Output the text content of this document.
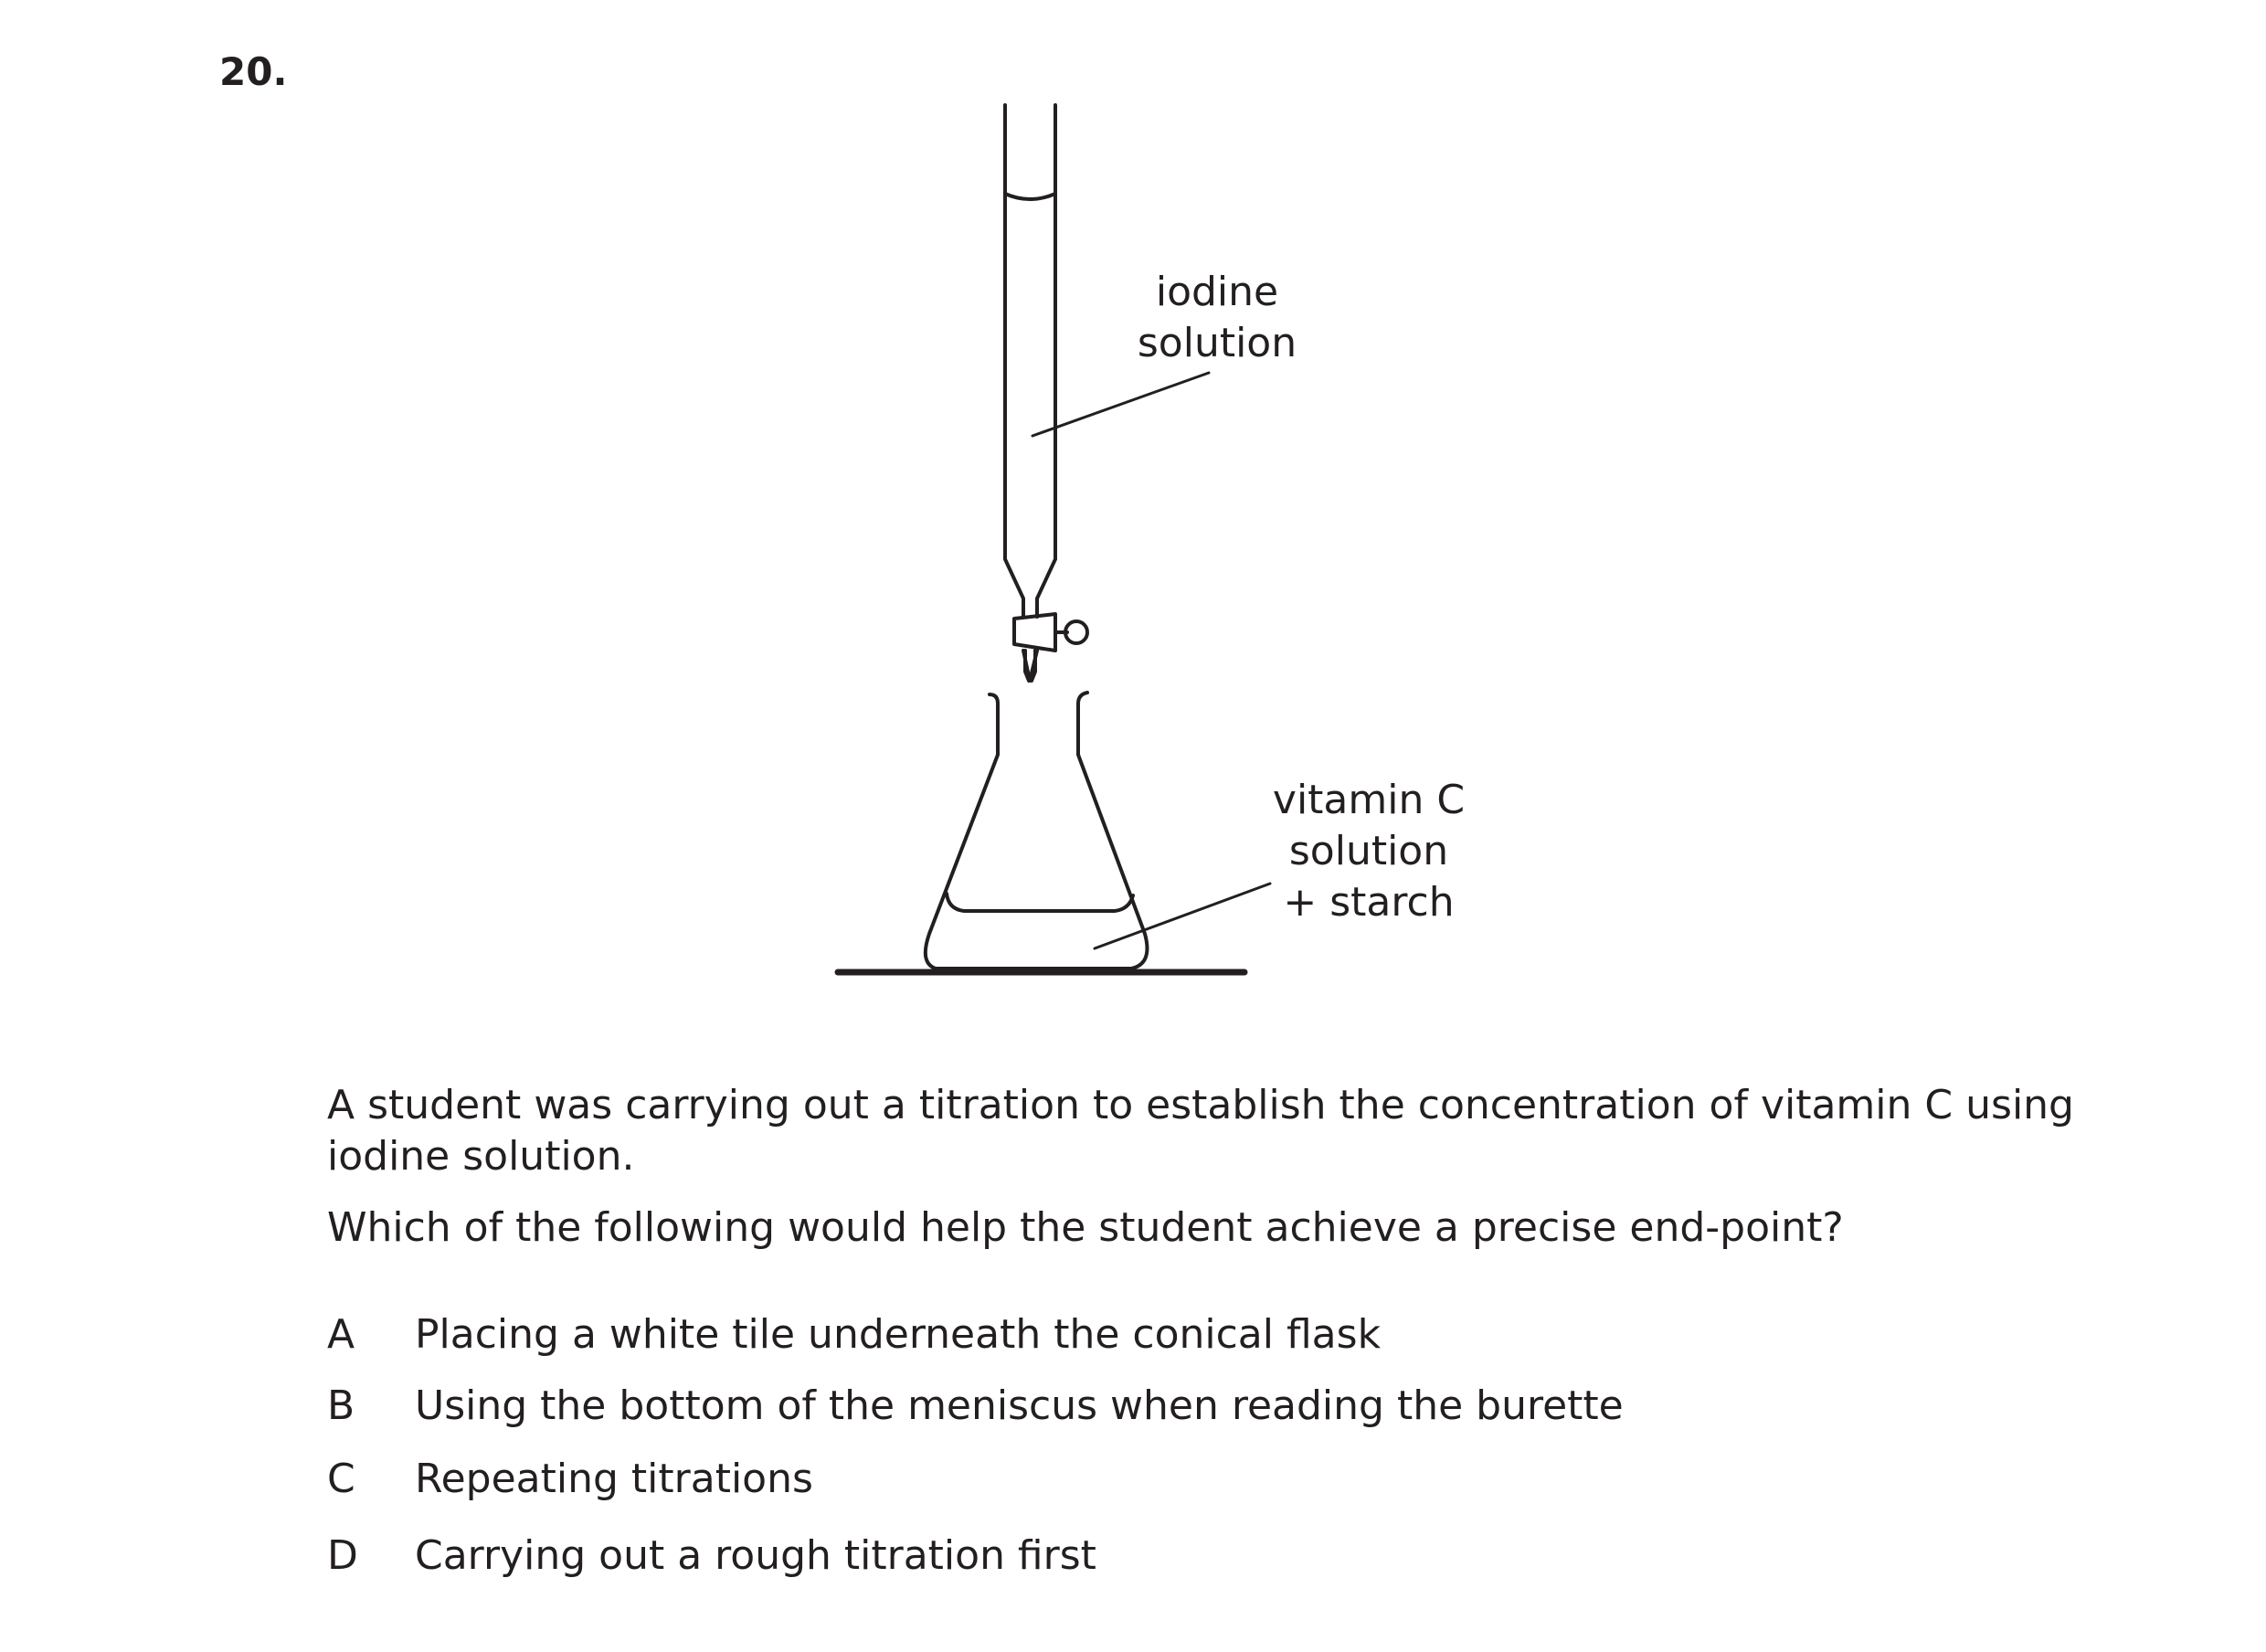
20.
iodine
solution
vitamin C
solution
+ starch
A student was carrying out a titration to establish the concentration of vitamin C using iodine solution.
Which of the following would help the student achieve a precise end-point?
A	Placing a white tile underneath the conical flask
B	Using the bottom of the meniscus when reading the burette
C	Repeating titrations
D	Carrying out a rough titration first
